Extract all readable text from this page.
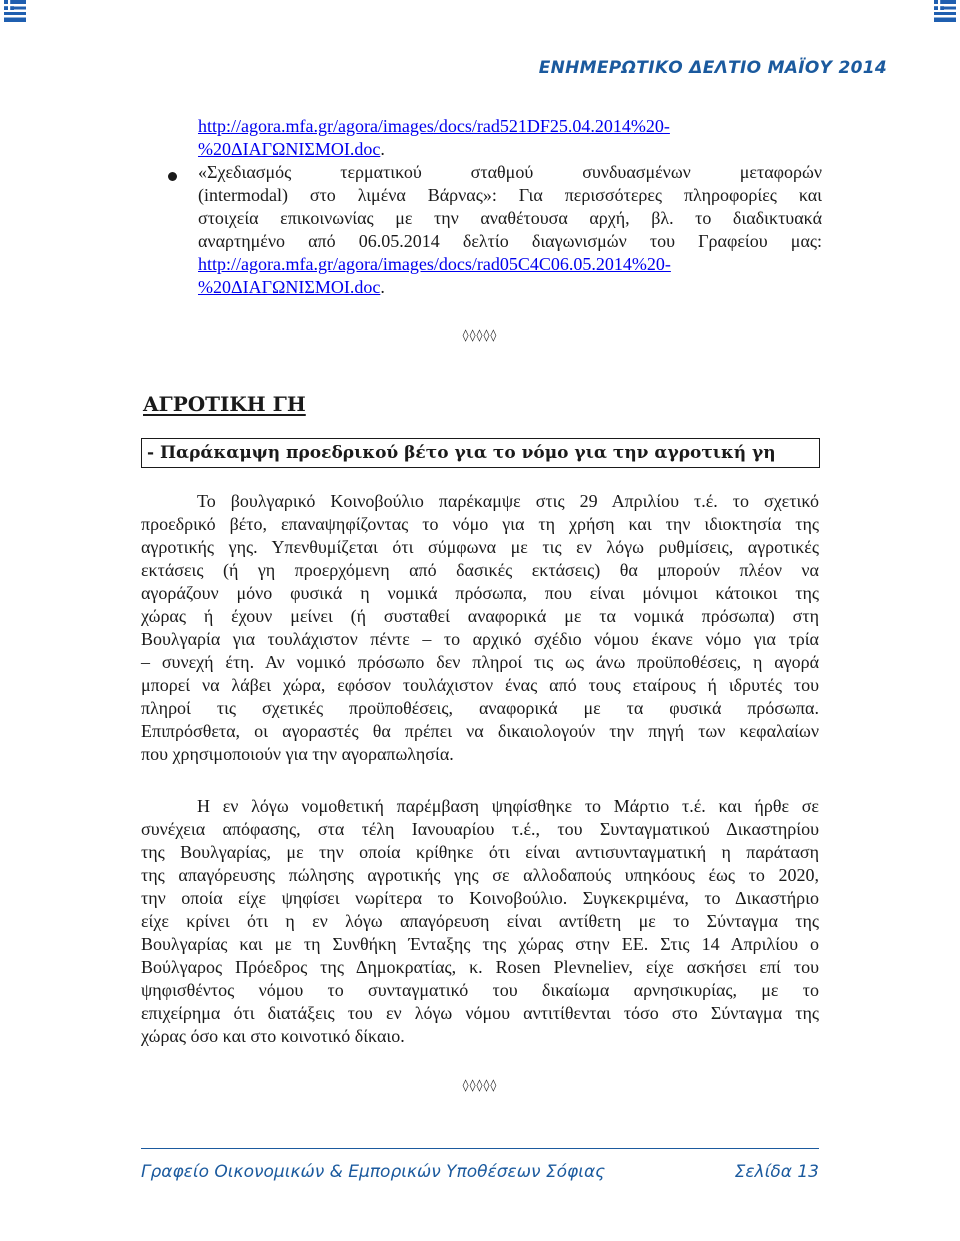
ΕΝΗΜΕΡΩΤΙΚΟ ΔΕΛΤΙΟ ΜΑΪΟΥ 2014
http://agora.mfa.gr/agora/images/docs/rad521DF25.04.2014%20-
%20ΔΙΑΓΩΝΙΣΜΟΙ.doc.
«Σχεδιασμός τερματικού σταθμού συνδυασμένων μεταφορών
(intermodal) στο λιμένα Βάρνας»: Για περισσότερες πληροφορίες και
στοιχεία επικοινωνίας με την αναθέτουσα αρχή, βλ. το διαδικτυακά
αναρτημένο από 06.05.2014 δελτίο διαγωνισμών του Γραφείου μας:
http://agora.mfa.gr/agora/images/docs/rad05C4C06.05.2014%20-
%20ΔΙΑΓΩΝΙΣΜΟΙ.doc.
◊◊◊◊◊
ΑΓΡΟΤΙΚΗ ΓΗ
- Παράκαμψη προεδρικού βέτο για το νόμο για την αγροτική γη
Το βουλγαρικό Κοινοβούλιο παρέκαμψε στις 29 Απριλίου τ.έ. το σχετικό
προεδρικό βέτο, επαναψηφίζοντας το νόμο για τη χρήση και την ιδιοκτησία της
αγροτικής γης. Υπενθυμίζεται ότι σύμφωνα με τις εν λόγω ρυθμίσεις, αγροτικές
εκτάσεις (ή γη προερχόμενη από δασικές εκτάσεις) θα μπορούν πλέον να
αγοράζουν μόνο φυσικά η νομικά πρόσωπα, που είναι μόνιμοι κάτοικοι της
χώρας ή έχουν μείνει (ή συσταθεί αναφορικά με τα νομικά πρόσωπα) στη
Βουλγαρία για τουλάχιστον πέντε – το αρχικό σχέδιο νόμου έκανε νόμο για τρία
– συνεχή έτη. Αν νομικό πρόσωπο δεν πληροί τις ως άνω προϋποθέσεις, η αγορά
μπορεί να λάβει χώρα, εφόσον τουλάχιστον ένας από τους εταίρους ή ιδρυτές του
πληροί τις σχετικές προϋποθέσεις, αναφορικά με τα φυσικά πρόσωπα.
Επιπρόσθετα, οι αγοραστές θα πρέπει να δικαιολογούν την πηγή των κεφαλαίων
που χρησιμοποιούν για την αγοραπωλησία.
Η εν λόγω νομοθετική παρέμβαση ψηφίσθηκε το Μάρτιο τ.έ. και ήρθε σε
συνέχεια απόφασης, στα τέλη Ιανουαρίου τ.έ., του Συνταγματικού Δικαστηρίου
της Βουλγαρίας, με την οποία κρίθηκε ότι είναι αντισυνταγματική η παράταση
της απαγόρευσης πώλησης αγροτικής γης σε αλλοδαπούς υπηκόους έως το 2020,
την οποία είχε ψηφίσει νωρίτερα το Κοινοβούλιο. Συγκεκριμένα, το Δικαστήριο
είχε κρίνει ότι η εν λόγω απαγόρευση είναι αντίθετη με το Σύνταγμα της
Βουλγαρίας και με τη Συνθήκη Ένταξης της χώρας στην ΕΕ. Στις 14 Απριλίου ο
Βούλγαρος Πρόεδρος της Δημοκρατίας, κ. Rosen Plevneliev, είχε ασκήσει επί του
ψηφισθέντος νόμου το συνταγματικό του δικαίωμα αρνησικυρίας, με το
επιχείρημα ότι διατάξεις του εν λόγω νόμου αντιτίθενται τόσο στο Σύνταγμα της
χώρας όσο και στο κοινοτικό δίκαιο.
◊◊◊◊◊
Γραφείο Οικονομικών & Εμπορικών Υποθέσεων Σόφιας	Σελίδα 13
